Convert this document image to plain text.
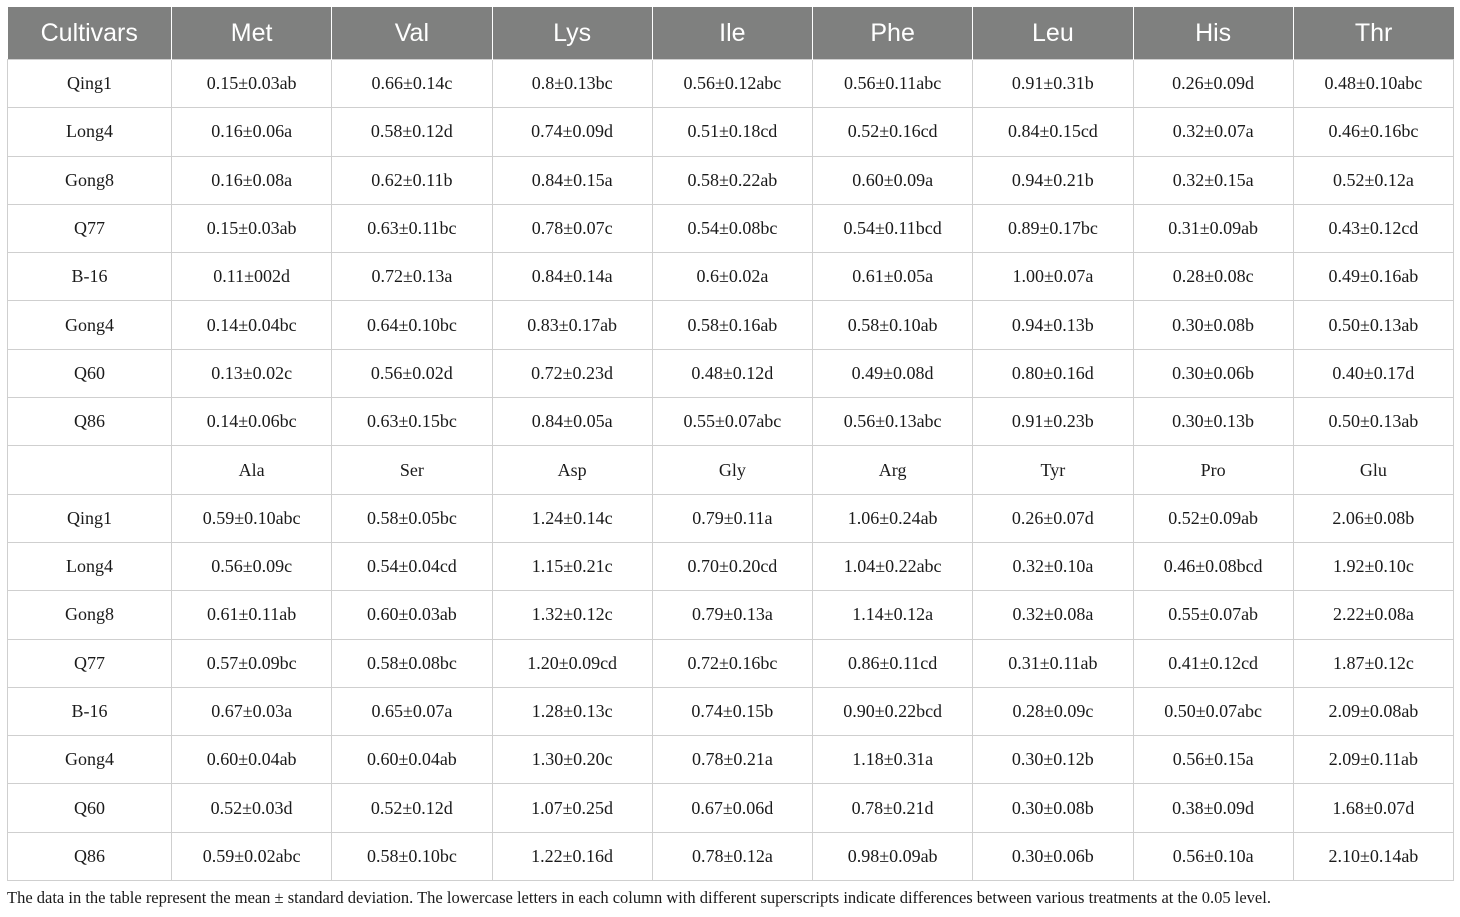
Cultivars	Met	Val	Lys	Ile	Phe	Leu	His	Thr
Qing1	0.15±0.03ab	0.66±0.14c	0.8±0.13bc	0.56±0.12abc	0.56±0.11abc	0.91±0.31b	0.26±0.09d	0.48±0.10abc
Long4	0.16±0.06a	0.58±0.12d	0.74±0.09d	0.51±0.18cd	0.52±0.16cd	0.84±0.15cd	0.32±0.07a	0.46±0.16bc
Gong8	0.16±0.08a	0.62±0.11b	0.84±0.15a	0.58±0.22ab	0.60±0.09a	0.94±0.21b	0.32±0.15a	0.52±0.12a
Q77	0.15±0.03ab	0.63±0.11bc	0.78±0.07c	0.54±0.08bc	0.54±0.11bcd	0.89±0.17bc	0.31±0.09ab	0.43±0.12cd
B-16	0.11±002d	0.72±0.13a	0.84±0.14a	0.6±0.02a	0.61±0.05a	1.00±0.07a	0.28±0.08c	0.49±0.16ab
Gong4	0.14±0.04bc	0.64±0.10bc	0.83±0.17ab	0.58±0.16ab	0.58±0.10ab	0.94±0.13b	0.30±0.08b	0.50±0.13ab
Q60	0.13±0.02c	0.56±0.02d	0.72±0.23d	0.48±0.12d	0.49±0.08d	0.80±0.16d	0.30±0.06b	0.40±0.17d
Q86	0.14±0.06bc	0.63±0.15bc	0.84±0.05a	0.55±0.07abc	0.56±0.13abc	0.91±0.23b	0.30±0.13b	0.50±0.13ab
	Ala	Ser	Asp	Gly	Arg	Tyr	Pro	Glu
Qing1	0.59±0.10abc	0.58±0.05bc	1.24±0.14c	0.79±0.11a	1.06±0.24ab	0.26±0.07d	0.52±0.09ab	2.06±0.08b
Long4	0.56±0.09c	0.54±0.04cd	1.15±0.21c	0.70±0.20cd	1.04±0.22abc	0.32±0.10a	0.46±0.08bcd	1.92±0.10c
Gong8	0.61±0.11ab	0.60±0.03ab	1.32±0.12c	0.79±0.13a	1.14±0.12a	0.32±0.08a	0.55±0.07ab	2.22±0.08a
Q77	0.57±0.09bc	0.58±0.08bc	1.20±0.09cd	0.72±0.16bc	0.86±0.11cd	0.31±0.11ab	0.41±0.12cd	1.87±0.12c
B-16	0.67±0.03a	0.65±0.07a	1.28±0.13c	0.74±0.15b	0.90±0.22bcd	0.28±0.09c	0.50±0.07abc	2.09±0.08ab
Gong4	0.60±0.04ab	0.60±0.04ab	1.30±0.20c	0.78±0.21a	1.18±0.31a	0.30±0.12b	0.56±0.15a	2.09±0.11ab
Q60	0.52±0.03d	0.52±0.12d	1.07±0.25d	0.67±0.06d	0.78±0.21d	0.30±0.08b	0.38±0.09d	1.68±0.07d
Q86	0.59±0.02abc	0.58±0.10bc	1.22±0.16d	0.78±0.12a	0.98±0.09ab	0.30±0.06b	0.56±0.10a	2.10±0.14ab
The data in the table represent the mean ± standard deviation. The lowercase letters in each column with different superscripts indicate differences between various treatments at the 0.05 level.
